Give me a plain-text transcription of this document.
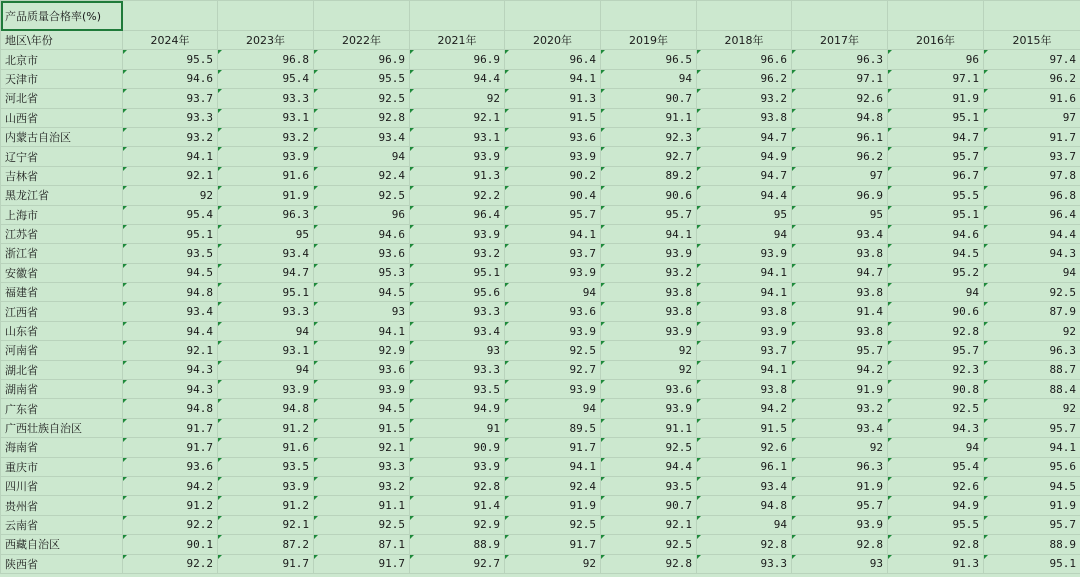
产品质量合格率(%)										
地区\年份	2024年	2023年	2022年	2021年	2020年	2019年	2018年	2017年	2016年	2015年
北京市	95.5	96.8	96.9	96.9	96.4	96.5	96.6	96.3	96	97.4
天津市	94.6	95.4	95.5	94.4	94.1	94	96.2	97.1	97.1	96.2
河北省	93.7	93.3	92.5	92	91.3	90.7	93.2	92.6	91.9	91.6
山西省	93.3	93.1	92.8	92.1	91.5	91.1	93.8	94.8	95.1	97
内蒙古自治区	93.2	93.2	93.4	93.1	93.6	92.3	94.7	96.1	94.7	91.7
辽宁省	94.1	93.9	94	93.9	93.9	92.7	94.9	96.2	95.7	93.7
吉林省	92.1	91.6	92.4	91.3	90.2	89.2	94.7	97	96.7	97.8
黑龙江省	92	91.9	92.5	92.2	90.4	90.6	94.4	96.9	95.5	96.8
上海市	95.4	96.3	96	96.4	95.7	95.7	95	95	95.1	96.4
江苏省	95.1	95	94.6	93.9	94.1	94.1	94	93.4	94.6	94.4
浙江省	93.5	93.4	93.6	93.2	93.7	93.9	93.9	93.8	94.5	94.3
安徽省	94.5	94.7	95.3	95.1	93.9	93.2	94.1	94.7	95.2	94
福建省	94.8	95.1	94.5	95.6	94	93.8	94.1	93.8	94	92.5
江西省	93.4	93.3	93	93.3	93.6	93.8	93.8	91.4	90.6	87.9
山东省	94.4	94	94.1	93.4	93.9	93.9	93.9	93.8	92.8	92
河南省	92.1	93.1	92.9	93	92.5	92	93.7	95.7	95.7	96.3
湖北省	94.3	94	93.6	93.3	92.7	92	94.1	94.2	92.3	88.7
湖南省	94.3	93.9	93.9	93.5	93.9	93.6	93.8	91.9	90.8	88.4
广东省	94.8	94.8	94.5	94.9	94	93.9	94.2	93.2	92.5	92
广西壮族自治区	91.7	91.2	91.5	91	89.5	91.1	91.5	93.4	94.3	95.7
海南省	91.7	91.6	92.1	90.9	91.7	92.5	92.6	92	94	94.1
重庆市	93.6	93.5	93.3	93.9	94.1	94.4	96.1	96.3	95.4	95.6
四川省	94.2	93.9	93.2	92.8	92.4	93.5	93.4	91.9	92.6	94.5
贵州省	91.2	91.2	91.1	91.4	91.9	90.7	94.8	95.7	94.9	91.9
云南省	92.2	92.1	92.5	92.9	92.5	92.1	94	93.9	95.5	95.7
西藏自治区	90.1	87.2	87.1	88.9	91.7	92.5	92.8	92.8	92.8	88.9
陕西省	92.2	91.7	91.7	92.7	92	92.8	93.3	93	91.3	95.1
